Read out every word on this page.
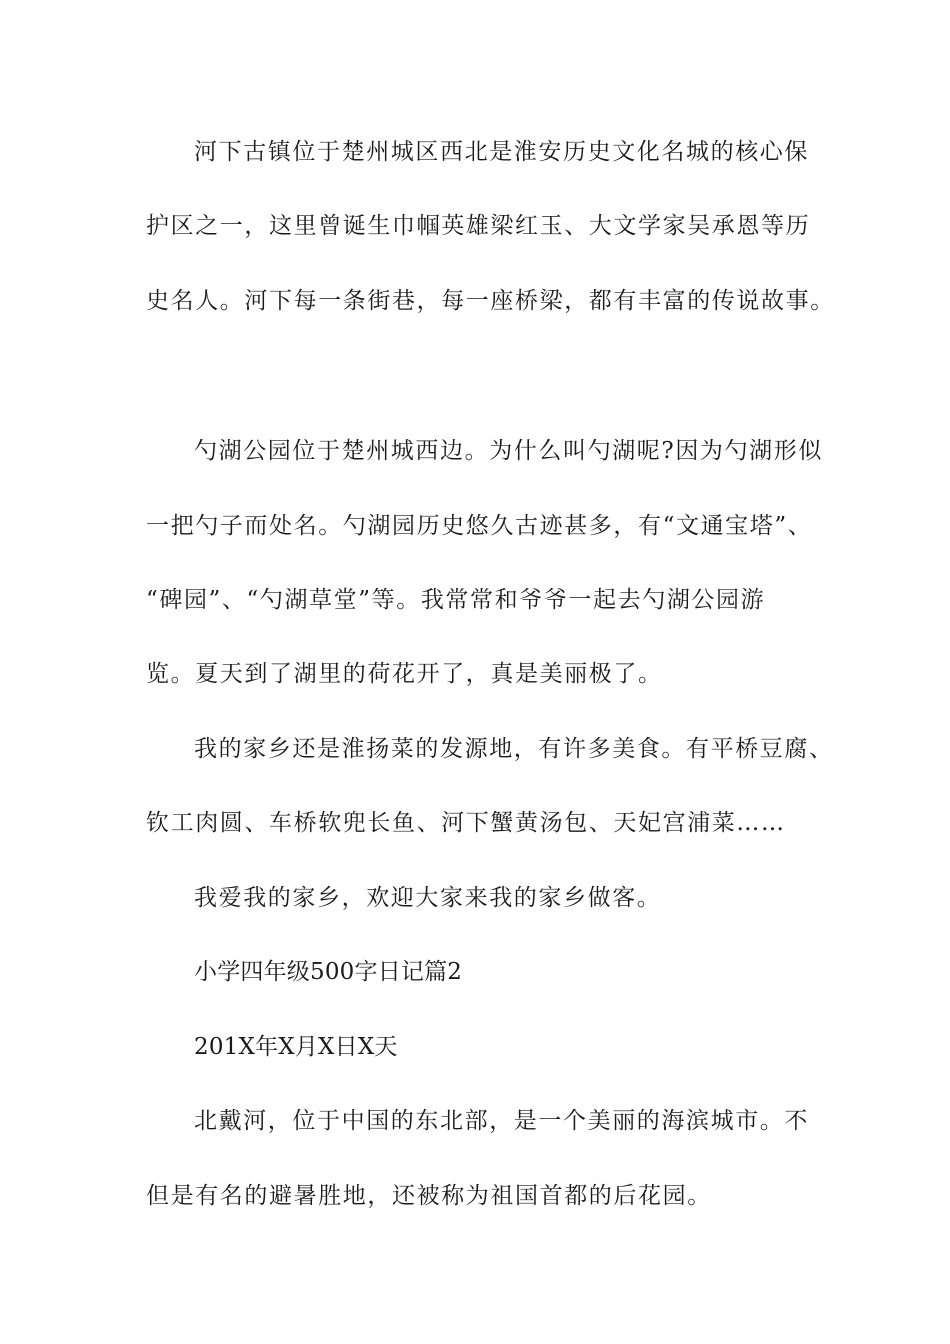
河下古镇位于楚州城区西北是淮安历史文化名城的核心保
护区之一，这里曾诞生巾帼英雄梁红玉、大文学家吴承恩等历
史名人。河下每一条街巷，每一座桥梁，都有丰富的传说故事。
勺湖公园位于楚州城西边。为什么叫勺湖呢?因为勺湖形似
一把勺子而处名。勺湖园历史悠久古迹甚多，有“文通宝塔”、
“碑园”、“勺湖草堂”等。我常常和爷爷一起去勺湖公园游
览。夏天到了湖里的荷花开了，真是美丽极了。
我的家乡还是淮扬菜的发源地，有许多美食。有平桥豆腐、
钦工肉圆、车桥软兜长鱼、河下蟹黄汤包、天妃宫浦菜……
我爱我的家乡，欢迎大家来我的家乡做客。
小学四年级500字日记篇2
201X年X月X日X天
北戴河，位于中国的东北部，是一个美丽的海滨城市。不
但是有名的避暑胜地，还被称为祖国首都的后花园。
